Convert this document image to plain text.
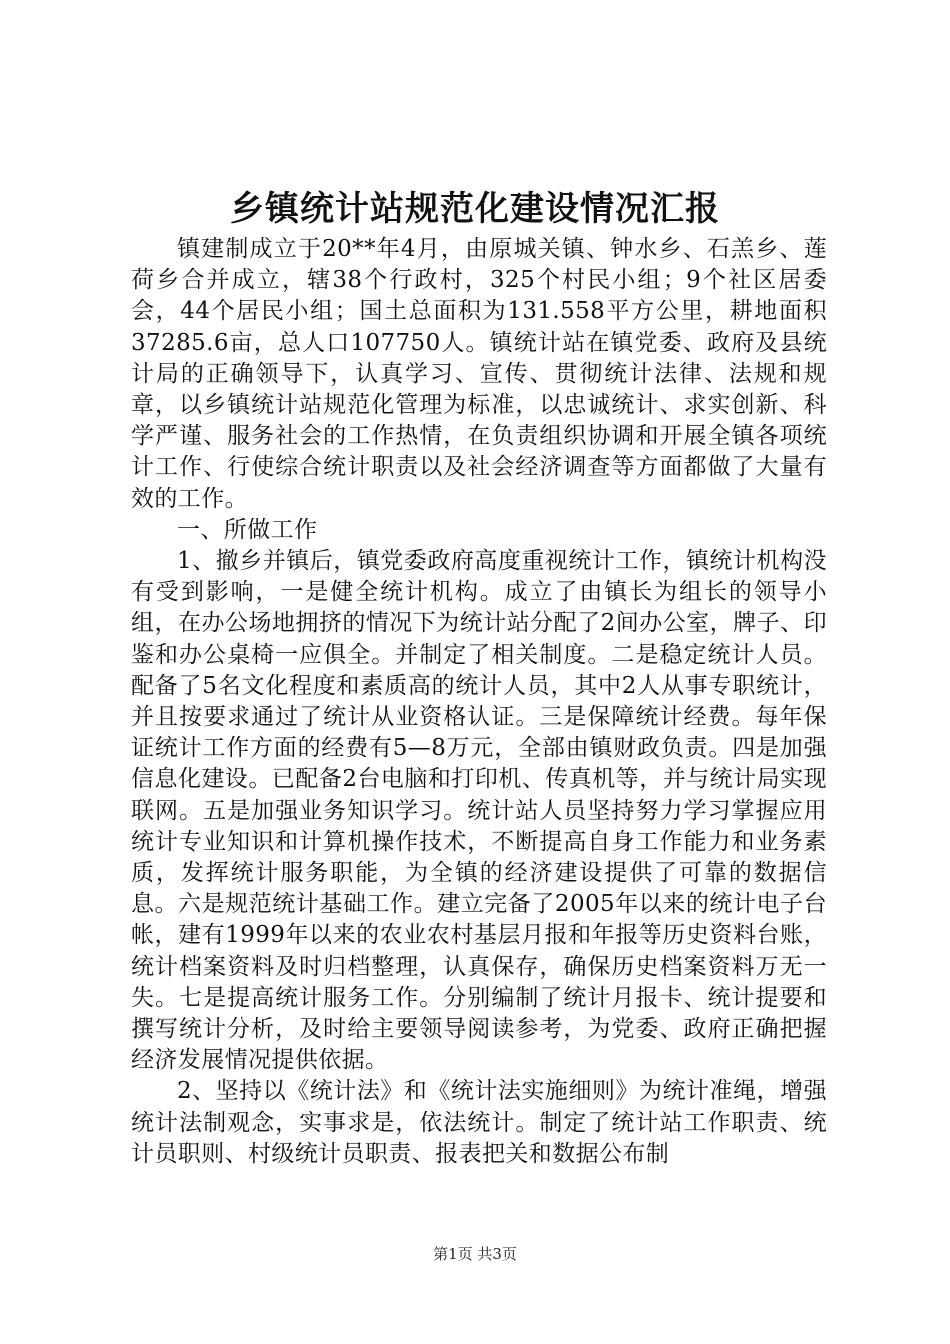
乡镇统计站规范化建设情况汇报

镇建制成立于20**年4月，由原城关镇、钟水乡、石羔乡、莲荷乡合并成立，辖38个行政村，325个村民小组；9个社区居委会，44个居民小组；国土总面积为131.558平方公里，耕地面积37285.6亩，总人口107750人。镇统计站在镇党委、政府及县统计局的正确领导下，认真学习、宣传、贯彻统计法律、法规和规章，以乡镇统计站规范化管理为标准，以忠诚统计、求实创新、科学严谨、服务社会的工作热情，在负责组织协调和开展全镇各项统计工作、行使综合统计职责以及社会经济调查等方面都做了大量有效的工作。

一、所做工作

1、撤乡并镇后，镇党委政府高度重视统计工作，镇统计机构没有受到影响，一是健全统计机构。成立了由镇长为组长的领导小组，在办公场地拥挤的情况下为统计站分配了2间办公室，牌子、印鉴和办公桌椅一应俱全。并制定了相关制度。二是稳定统计人员。配备了5名文化程度和素质高的统计人员，其中2人从事专职统计，并且按要求通过了统计从业资格认证。三是保障统计经费。每年保证统计工作方面的经费有5—8万元，全部由镇财政负责。四是加强信息化建设。已配备2台电脑和打印机、传真机等，并与统计局实现联网。五是加强业务知识学习。统计站人员坚持努力学习掌握应用统计专业知识和计算机操作技术，不断提高自身工作能力和业务素质，发挥统计服务职能，为全镇的经济建设提供了可靠的数据信息。六是规范统计基础工作。建立完备了2005年以来的统计电子台帐，建有1999年以来的农业农村基层月报和年报等历史资料台账，统计档案资料及时归档整理，认真保存，确保历史档案资料万无一失。七是提高统计服务工作。分别编制了统计月报卡、统计提要和撰写统计分析，及时给主要领导阅读参考，为党委、政府正确把握经济发展情况提供依据。

2、坚持以《统计法》和《统计法实施细则》为统计准绳，增强统计法制观念，实事求是，依法统计。制定了统计站工作职责、统计员职则、村级统计员职责、报表把关和数据公布制

第1页 共3页
